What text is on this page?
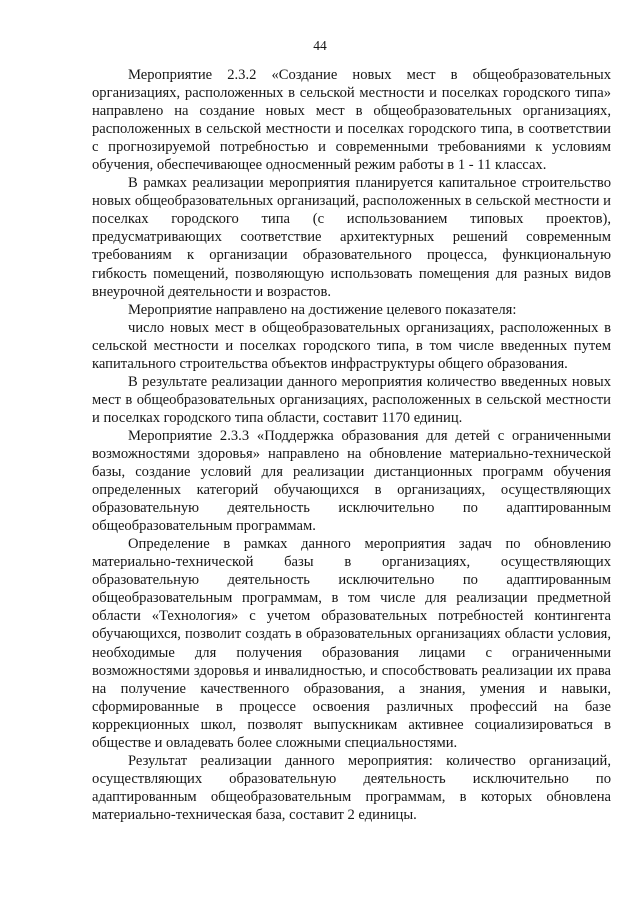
44

Мероприятие 2.3.2 «Создание новых мест в общеобразовательных организациях, расположенных в сельской местности и поселках городского типа» направлено на создание новых мест в общеобразовательных организациях, расположенных в сельской местности и поселках городского типа, в соответствии с прогнозируемой потребностью и современными требованиями к условиям обучения, обеспечивающее односменный режим работы в 1 - 11 классах.

В рамках реализации мероприятия планируется капитальное строительство новых общеобразовательных организаций, расположенных в сельской местности и поселках городского типа (с использованием типовых проектов), предусматривающих соответствие архитектурных решений современным требованиям к организации образовательного процесса, функциональную гибкость помещений, позволяющую использовать помещения для разных видов внеурочной деятельности и возрастов.

Мероприятие направлено на достижение целевого показателя:

число новых мест в общеобразовательных организациях, расположенных в сельской местности и поселках городского типа, в том числе введенных путем капитального строительства объектов инфраструктуры общего образования.

В результате реализации данного мероприятия количество введенных новых мест в общеобразовательных организациях, расположенных в сельской местности и поселках городского типа области, составит 1170 единиц.

Мероприятие 2.3.3 «Поддержка образования для детей с ограниченными возможностями здоровья» направлено на обновление материально-технической базы, создание условий для реализации дистанционных программ обучения определенных категорий обучающихся в организациях, осуществляющих образовательную деятельность исключительно по адаптированным общеобразовательным программам.

Определение в рамках данного мероприятия задач по обновлению материально-технической базы в организациях, осуществляющих образовательную деятельность исключительно по адаптированным общеобразовательным программам, в том числе для реализации предметной области «Технология» с учетом образовательных потребностей контингента обучающихся, позволит создать в образовательных организациях области условия, необходимые для получения образования лицами с ограниченными возможностями здоровья и инвалидностью, и способствовать реализации их права на получение качественного образования, а знания, умения и навыки, сформированные в процессе освоения различных профессий на базе коррекционных школ, позволят выпускникам активнее социализироваться в обществе и овладевать более сложными специальностями.

Результат реализации данного мероприятия: количество организаций, осуществляющих образовательную деятельность исключительно по адаптированным общеобразовательным программам, в которых обновлена материально-техническая база, составит 2 единицы.
